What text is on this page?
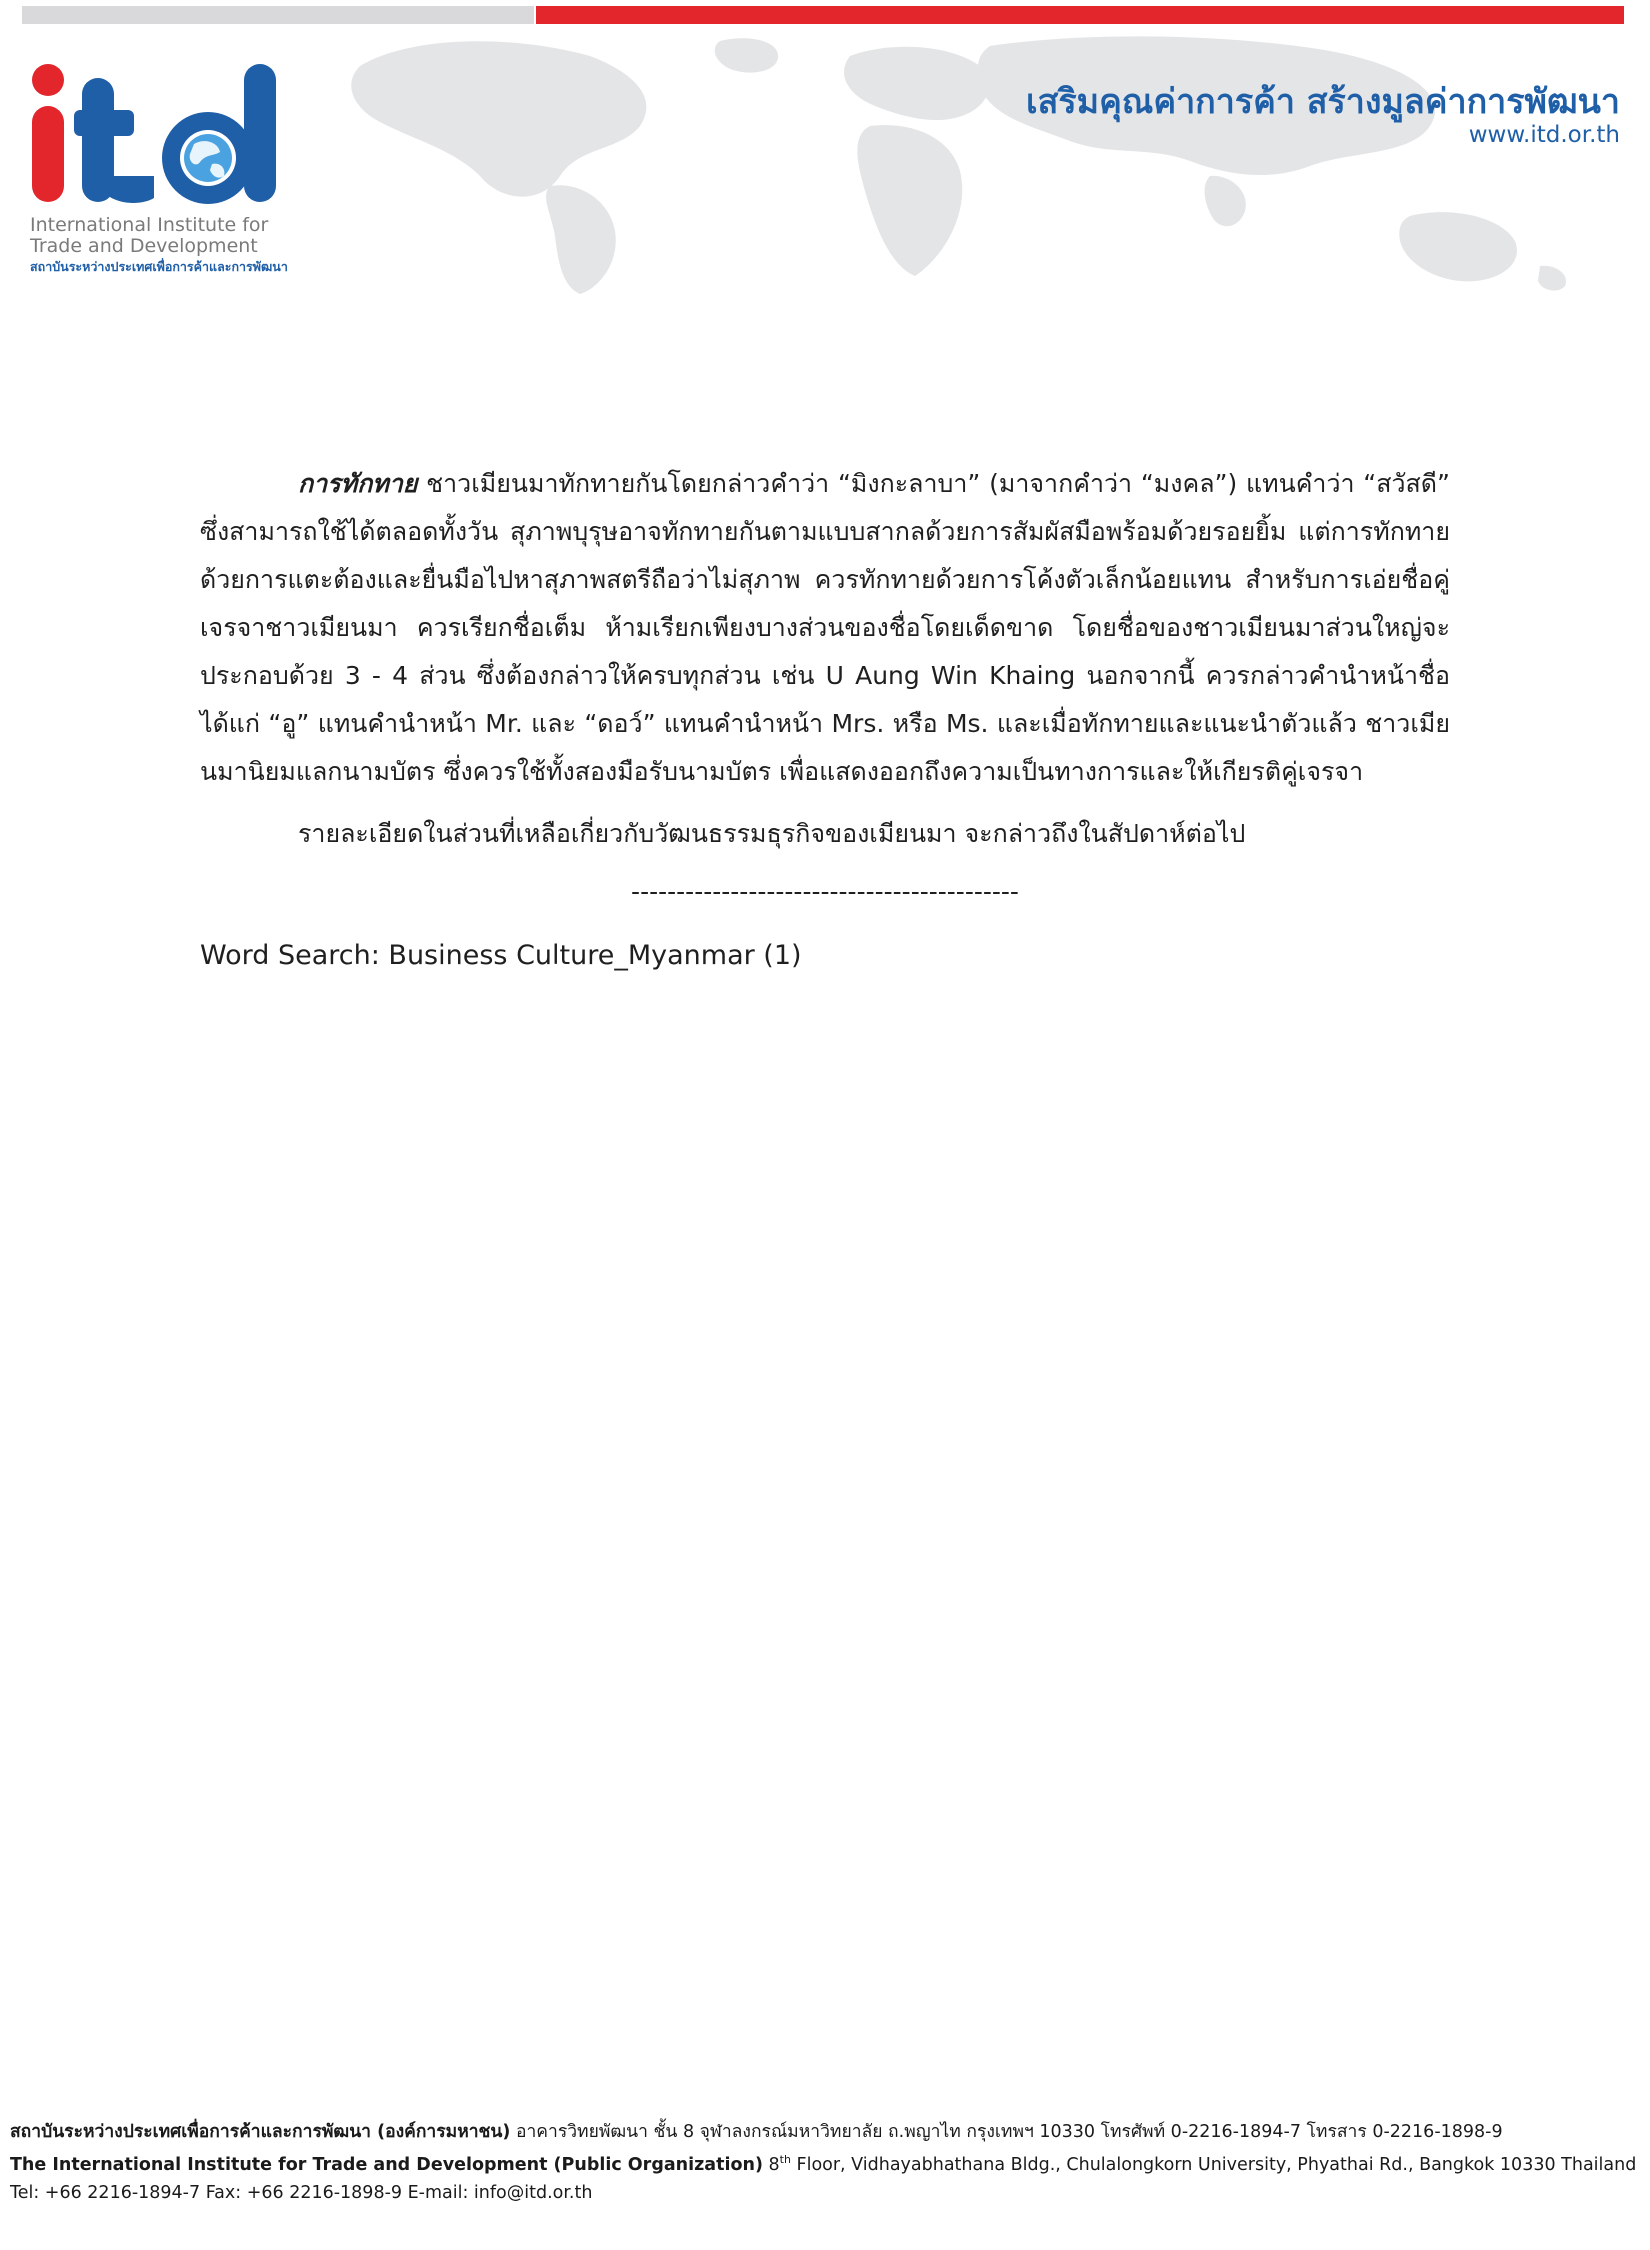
International Institute for
Trade and Development
สถาบันระหว่างประเทศเพื่อการค้าและการพัฒนา
เสริมคุณค่าการค้า สร้างมูลค่าการพัฒนา
www.itd.or.th

การทักทาย ชาวเมียนมาทักทายกันโดยกล่าวคำว่า “มิงกะลาบา” (มาจากคำว่า “มงคล”) แทนคำว่า “สวัสดี” ซึ่งสามารถใช้ได้ตลอดทั้งวัน สุภาพบุรุษอาจทักทายกันตามแบบสากลด้วยการสัมผัสมือพร้อมด้วยรอยยิ้ม แต่การทักทายด้วยการแตะต้องและยื่นมือไปหาสุภาพสตรีถือว่าไม่สุภาพ ควรทักทายด้วยการโค้งตัวเล็กน้อยแทน สำหรับการเอ่ยชื่อคู่เจรจาชาวเมียนมา ควรเรียกชื่อเต็ม ห้ามเรียกเพียงบางส่วนของชื่อโดยเด็ดขาด โดยชื่อของชาวเมียนมาส่วนใหญ่จะประกอบด้วย 3 - 4 ส่วน ซึ่งต้องกล่าวให้ครบทุกส่วน เช่น U Aung Win Khaing นอกจากนี้ ควรกล่าวคำนำหน้าชื่อ ได้แก่ “อู” แทนคำนำหน้า Mr. และ “ดอว์” แทนคำนำหน้า Mrs. หรือ Ms. และเมื่อทักทายและแนะนำตัวแล้ว ชาวเมียนมานิยมแลกนามบัตร ซึ่งควรใช้ทั้งสองมือรับนามบัตร เพื่อแสดงออกถึงความเป็นทางการและให้เกียรติคู่เจรจา

รายละเอียดในส่วนที่เหลือเกี่ยวกับวัฒนธรรมธุรกิจของเมียนมา จะกล่าวถึงในสัปดาห์ต่อไป

-------------------------------------------

Word Search: Business Culture_Myanmar (1)

สถาบันระหว่างประเทศเพื่อการค้าและการพัฒนา (องค์การมหาชน) อาคารวิทยพัฒนา ชั้น 8 จุฬาลงกรณ์มหาวิทยาลัย ถ.พญาไท กรุงเทพฯ 10330 โทรศัพท์ 0-2216-1894-7 โทรสาร 0-2216-1898-9
The International Institute for Trade and Development (Public Organization) 8th Floor, Vidhayabhathana Bldg., Chulalongkorn University, Phyathai Rd., Bangkok 10330 Thailand
Tel: +66 2216-1894-7 Fax: +66 2216-1898-9 E-mail: info@itd.or.th
